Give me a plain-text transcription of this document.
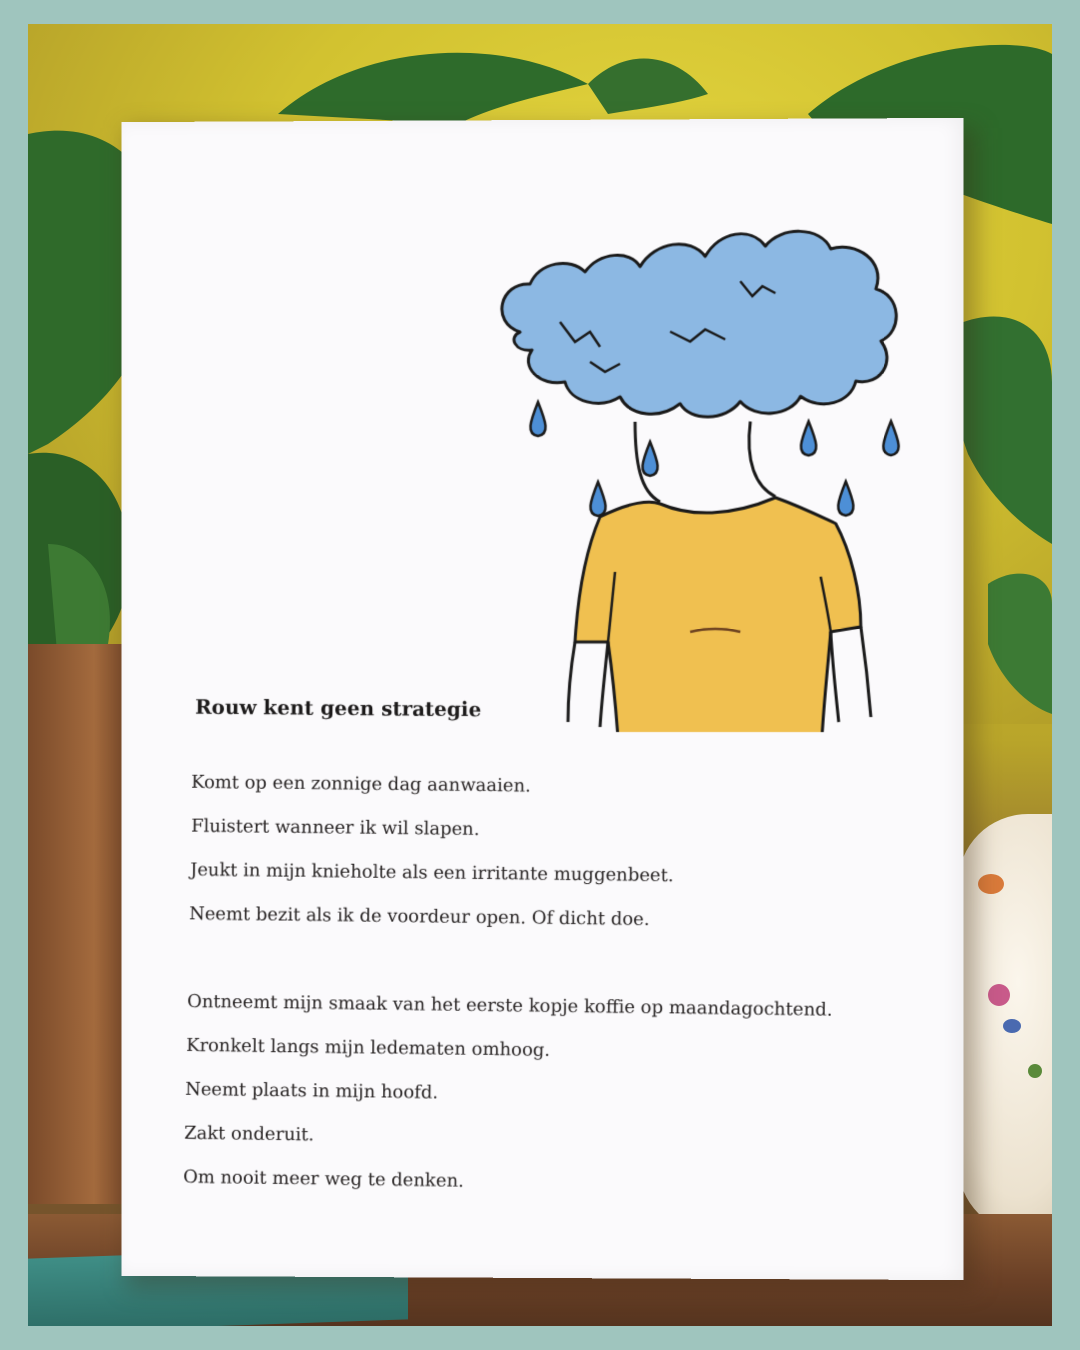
Rouw kent geen strategie
Komt op een zonnige dag aanwaaien.
Fluistert wanneer ik wil slapen.
Jeukt in mijn knieholte als een irritante muggenbeet.
Neemt bezit als ik de voordeur open. Of dicht doe.
Ontneemt mijn smaak van het eerste kopje koffie op maandagochtend.
Kronkelt langs mijn ledematen omhoog.
Neemt plaats in mijn hoofd.
Zakt onderuit.
Om nooit meer weg te denken.
